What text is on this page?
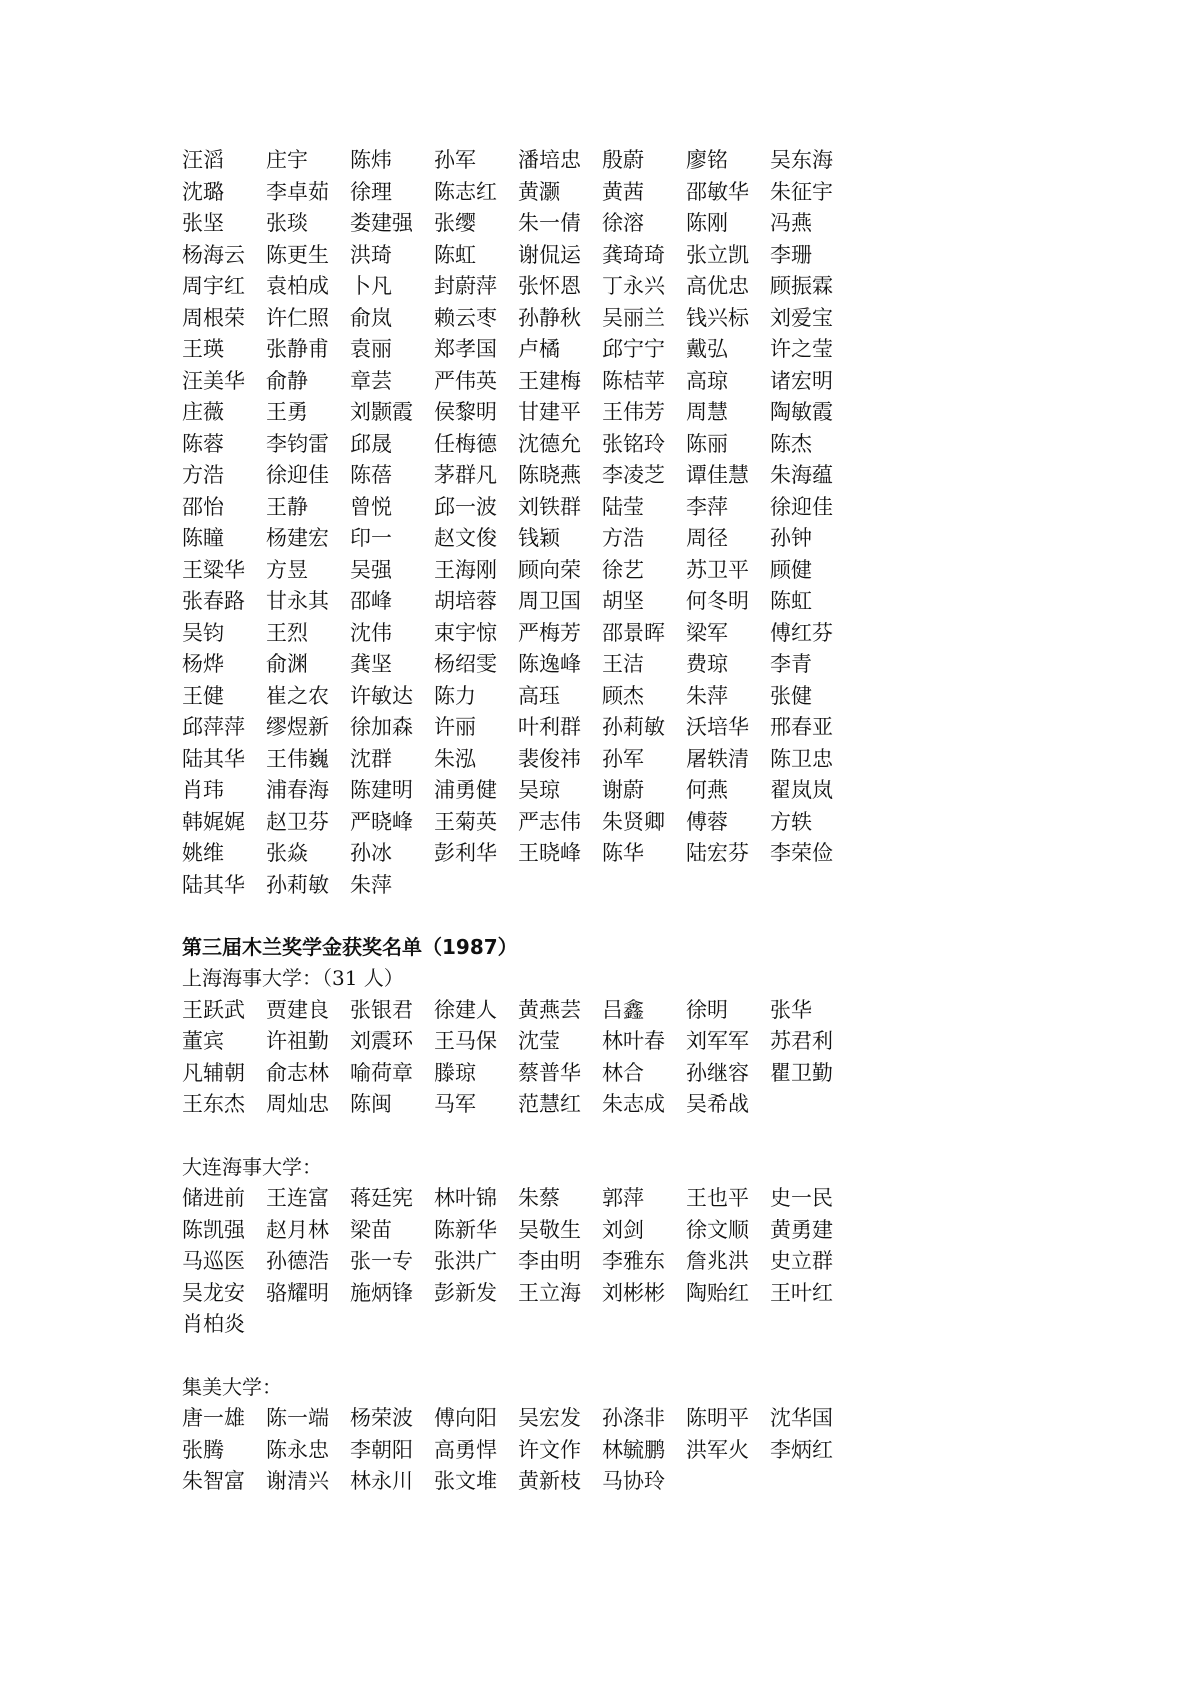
汪滔	庄宇	陈炜	孙军	潘培忠	殷蔚	廖铭	吴东海
沈璐	李卓茹	徐理	陈志红	黄灏	黄茜	邵敏华	朱征宇
张坚	张琰	娄建强	张缨	朱一倩	徐溶	陈刚	冯燕
杨海云	陈更生	洪琦	陈虹	谢侃运	龚琦琦	张立凯	李珊
周宇红	袁柏成	卜凡	封蔚萍	张怀恩	丁永兴	高优忠	顾振霖
周根荣	许仁照	俞岚	赖云枣	孙静秋	吴丽兰	钱兴标	刘爱宝
王瑛	张静甫	袁丽	郑孝国	卢橘	邱宁宁	戴弘	许之莹
汪美华	俞静	章芸	严伟英	王建梅	陈桔苹	高琼	诸宏明
庄薇	王勇	刘颢霞	侯黎明	甘建平	王伟芳	周慧	陶敏霞
陈蓉	李钧雷	邱晟	任梅德	沈德允	张铭玲	陈丽	陈杰
方浩	徐迎佳	陈蓓	茅群凡	陈晓燕	李凌芝	谭佳慧	朱海蕴
邵怡	王静	曾悦	邱一波	刘铁群	陆莹	李萍	徐迎佳
陈瞳	杨建宏	印一	赵文俊	钱颖	方浩	周径	孙钟
王粱华	方昱	吴强	王海刚	顾向荣	徐艺	苏卫平	顾健
张春路	甘永其	邵峰	胡培蓉	周卫国	胡坚	何冬明	陈虹
吴钧	王烈	沈伟	束宇惊	严梅芳	邵景晖	梁军	傅红芬
杨烨	俞渊	龚坚	杨绍雯	陈逸峰	王洁	费琼	李青
王健	崔之农	许敏达	陈力	高珏	顾杰	朱萍	张健
邱萍萍	缪煜新	徐加森	许丽	叶利群	孙莉敏	沃培华	邢春亚
陆其华	王伟巍	沈群	朱泓	裴俊祎	孙军	屠轶清	陈卫忠
肖玮	浦春海	陈建明	浦勇健	吴琼	谢蔚	何燕	翟岚岚
韩娓娓	赵卫芬	严晓峰	王菊英	严志伟	朱贤卿	傅蓉	方轶
姚维	张焱	孙冰	彭利华	王晓峰	陈华	陆宏芬	李荣俭
陆其华	孙莉敏	朱萍
第三届木兰奖学金获奖名单（1987）
上海海事大学：（31 人）
王跃武	贾建良	张银君	徐建人	黄燕芸	吕鑫	徐明	张华
董宾	许祖勤	刘震环	王马保	沈莹	林叶春	刘军军	苏君利
凡辅朝	俞志林	喻荷章	滕琼	蔡普华	林合	孙继容	瞿卫勤
王东杰	周灿忠	陈闽	马军	范慧红	朱志成	吴希战
大连海事大学：
储进前	王连富	蒋廷宪	林叶锦	朱蔡	郭萍	王也平	史一民
陈凯强	赵月林	梁苗	陈新华	吴敬生	刘剑	徐文顺	黄勇建
马巡医	孙德浩	张一专	张洪广	李由明	李雅东	詹兆洪	史立群
吴龙安	骆耀明	施炳锋	彭新发	王立海	刘彬彬	陶贻红	王叶红
肖柏炎
集美大学：
唐一雄	陈一端	杨荣波	傅向阳	吴宏发	孙涤非	陈明平	沈华国
张腾	陈永忠	李朝阳	高勇悍	许文作	林毓鹏	洪军火	李炳红
朱智富	谢清兴	林永川	张文堆	黄新枝	马协玲
